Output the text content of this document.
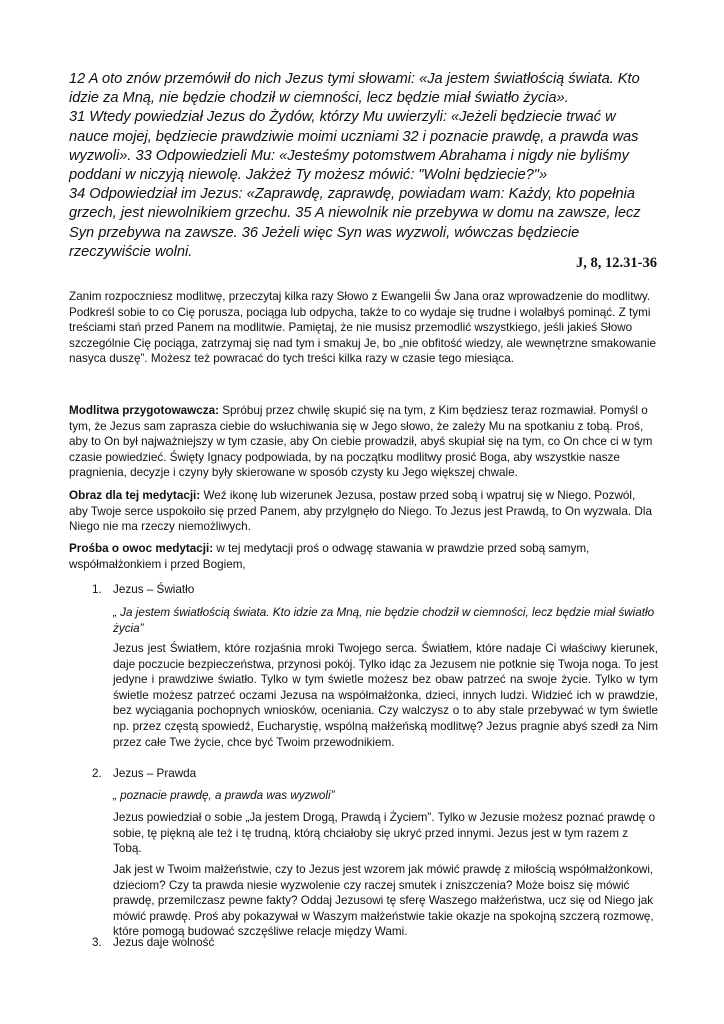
12 A oto znów przemówił do nich Jezus tymi słowami: «Ja jestem światłością świata. Kto

idzie za Mną, nie będzie chodził w ciemności, lecz będzie miał światło życia».

31 Wtedy powiedział Jezus do Żydów, którzy Mu uwierzyli: «Jeżeli będziecie trwać w

nauce mojej, będziecie prawdziwie moimi uczniami 32 i poznacie prawdę, a prawda was

wyzwoli». 33 Odpowiedzieli Mu: «Jesteśmy potomstwem Abrahama i nigdy nie byliśmy

poddani w niczyją niewolę. Jakżeż Ty możesz mówić: "Wolni będziecie?"»

34 Odpowiedział im Jezus: «Zaprawdę, zaprawdę, powiadam wam: Każdy, kto popełnia

grzech, jest niewolnikiem grzechu. 35 A niewolnik nie przebywa w domu na zawsze, lecz

Syn przebywa na zawsze. 36 Jeżeli więc Syn was wyzwoli, wówczas będziecie

rzeczywiście wolni.

J, 8, 12.31-36

Zanim rozpoczniesz modlitwę, przeczytaj kilka razy Słowo z Ewangelii Św Jana oraz wprowadzenie do modlitwy. Podkreśl sobie to co Cię porusza, pociąga lub odpycha, także to co wydaje się trudne i wolałbyś pominąć. Z tymi treściami stań przed Panem na modlitwie. Pamiętaj, że nie musisz przemodlić wszystkiego, jeśli jakieś Słowo szczególnie Cię pociąga, zatrzymaj się nad tym i smakuj Je, bo „nie obfitość wiedzy, ale wewnętrzne smakowanie nasyca duszę”. Możesz też powracać do tych treści kilka razy w czasie tego miesiąca.

Modlitwa przygotowawcza: Spróbuj przez chwilę skupić się na tym, z Kim będziesz teraz rozmawiał. Pomyśl o tym, że Jezus sam zaprasza ciebie do wsłuchiwania się w Jego słowo, że zależy Mu na spotkaniu z tobą. Proś, aby to On był najważniejszy w tym czasie, aby On ciebie prowadził, abyś skupiał się na tym, co On chce ci w tym czasie powiedzieć. Święty Ignacy podpowiada, by na początku modlitwy prosić Boga, aby wszystkie nasze pragnienia, decyzje i czyny były skierowane w sposób czysty ku Jego większej chwale.

Obraz dla tej medytacji: Weź ikonę lub wizerunek Jezusa, postaw przed sobą i wpatruj się w Niego. Pozwól, aby Twoje serce uspokoiło się przed Panem, aby przylgnęło do Niego. To Jezus jest Prawdą, to On wyzwala. Dla Niego nie ma rzeczy niemożliwych.

Prośba o owoc medytacji: w tej medytacji proś o odwagę stawania w prawdzie przed sobą samym, współmałżonkiem i przed Bogiem,

1. Jezus – Światło

„ Ja jestem światłością świata. Kto idzie za Mną, nie będzie chodził w ciemności, lecz będzie miał światło życia”

Jezus jest Światłem, które rozjaśnia mroki Twojego serca. Światłem, które nadaje Ci właściwy kierunek, daje poczucie bezpieczeństwa, przynosi pokój. Tylko idąc za Jezusem nie potknie się Twoja noga. To jest jedyne i prawdziwe światło. Tylko w tym świetle możesz bez obaw patrzeć na swoje życie. Tylko w tym świetle możesz patrzeć oczami Jezusa na współmałżonka, dzieci, innych ludzi. Widzieć ich w prawdzie, bez wyciągania pochopnych wniosków, oceniania. Czy walczysz o to aby stale przebywać w tym świetle np. przez częstą spowiedź, Eucharystię, wspólną małżeńską modlitwę? Jezus pragnie abyś szedł za Nim przez całe Twe życie, chce być Twoim przewodnikiem.

2. Jezus – Prawda

„ poznacie prawdę, a prawda was wyzwoli”

Jezus powiedział o sobie „Ja jestem Drogą, Prawdą i Życiem”. Tylko w Jezusie możesz poznać prawdę o sobie, tę piękną ale też i tę trudną, którą chciałoby się ukryć przed innymi. Jezus jest w tym razem z Tobą.

Jak jest w Twoim małżeństwie, czy to Jezus jest wzorem jak mówić prawdę z miłością współmałżonkowi, dzieciom? Czy ta prawda niesie wyzwolenie czy raczej smutek i zniszczenia? Może boisz się mówić prawdę, przemilczasz pewne fakty? Oddaj Jezusowi tę sferę Waszego małżeństwa, ucz się od Niego jak mówić prawdę. Proś aby pokazywał w Waszym małżeństwie takie okazje na spokojną szczerą rozmowę, które pomogą budować szczęśliwe relacje między Wami.

3. Jezus daje wolność
